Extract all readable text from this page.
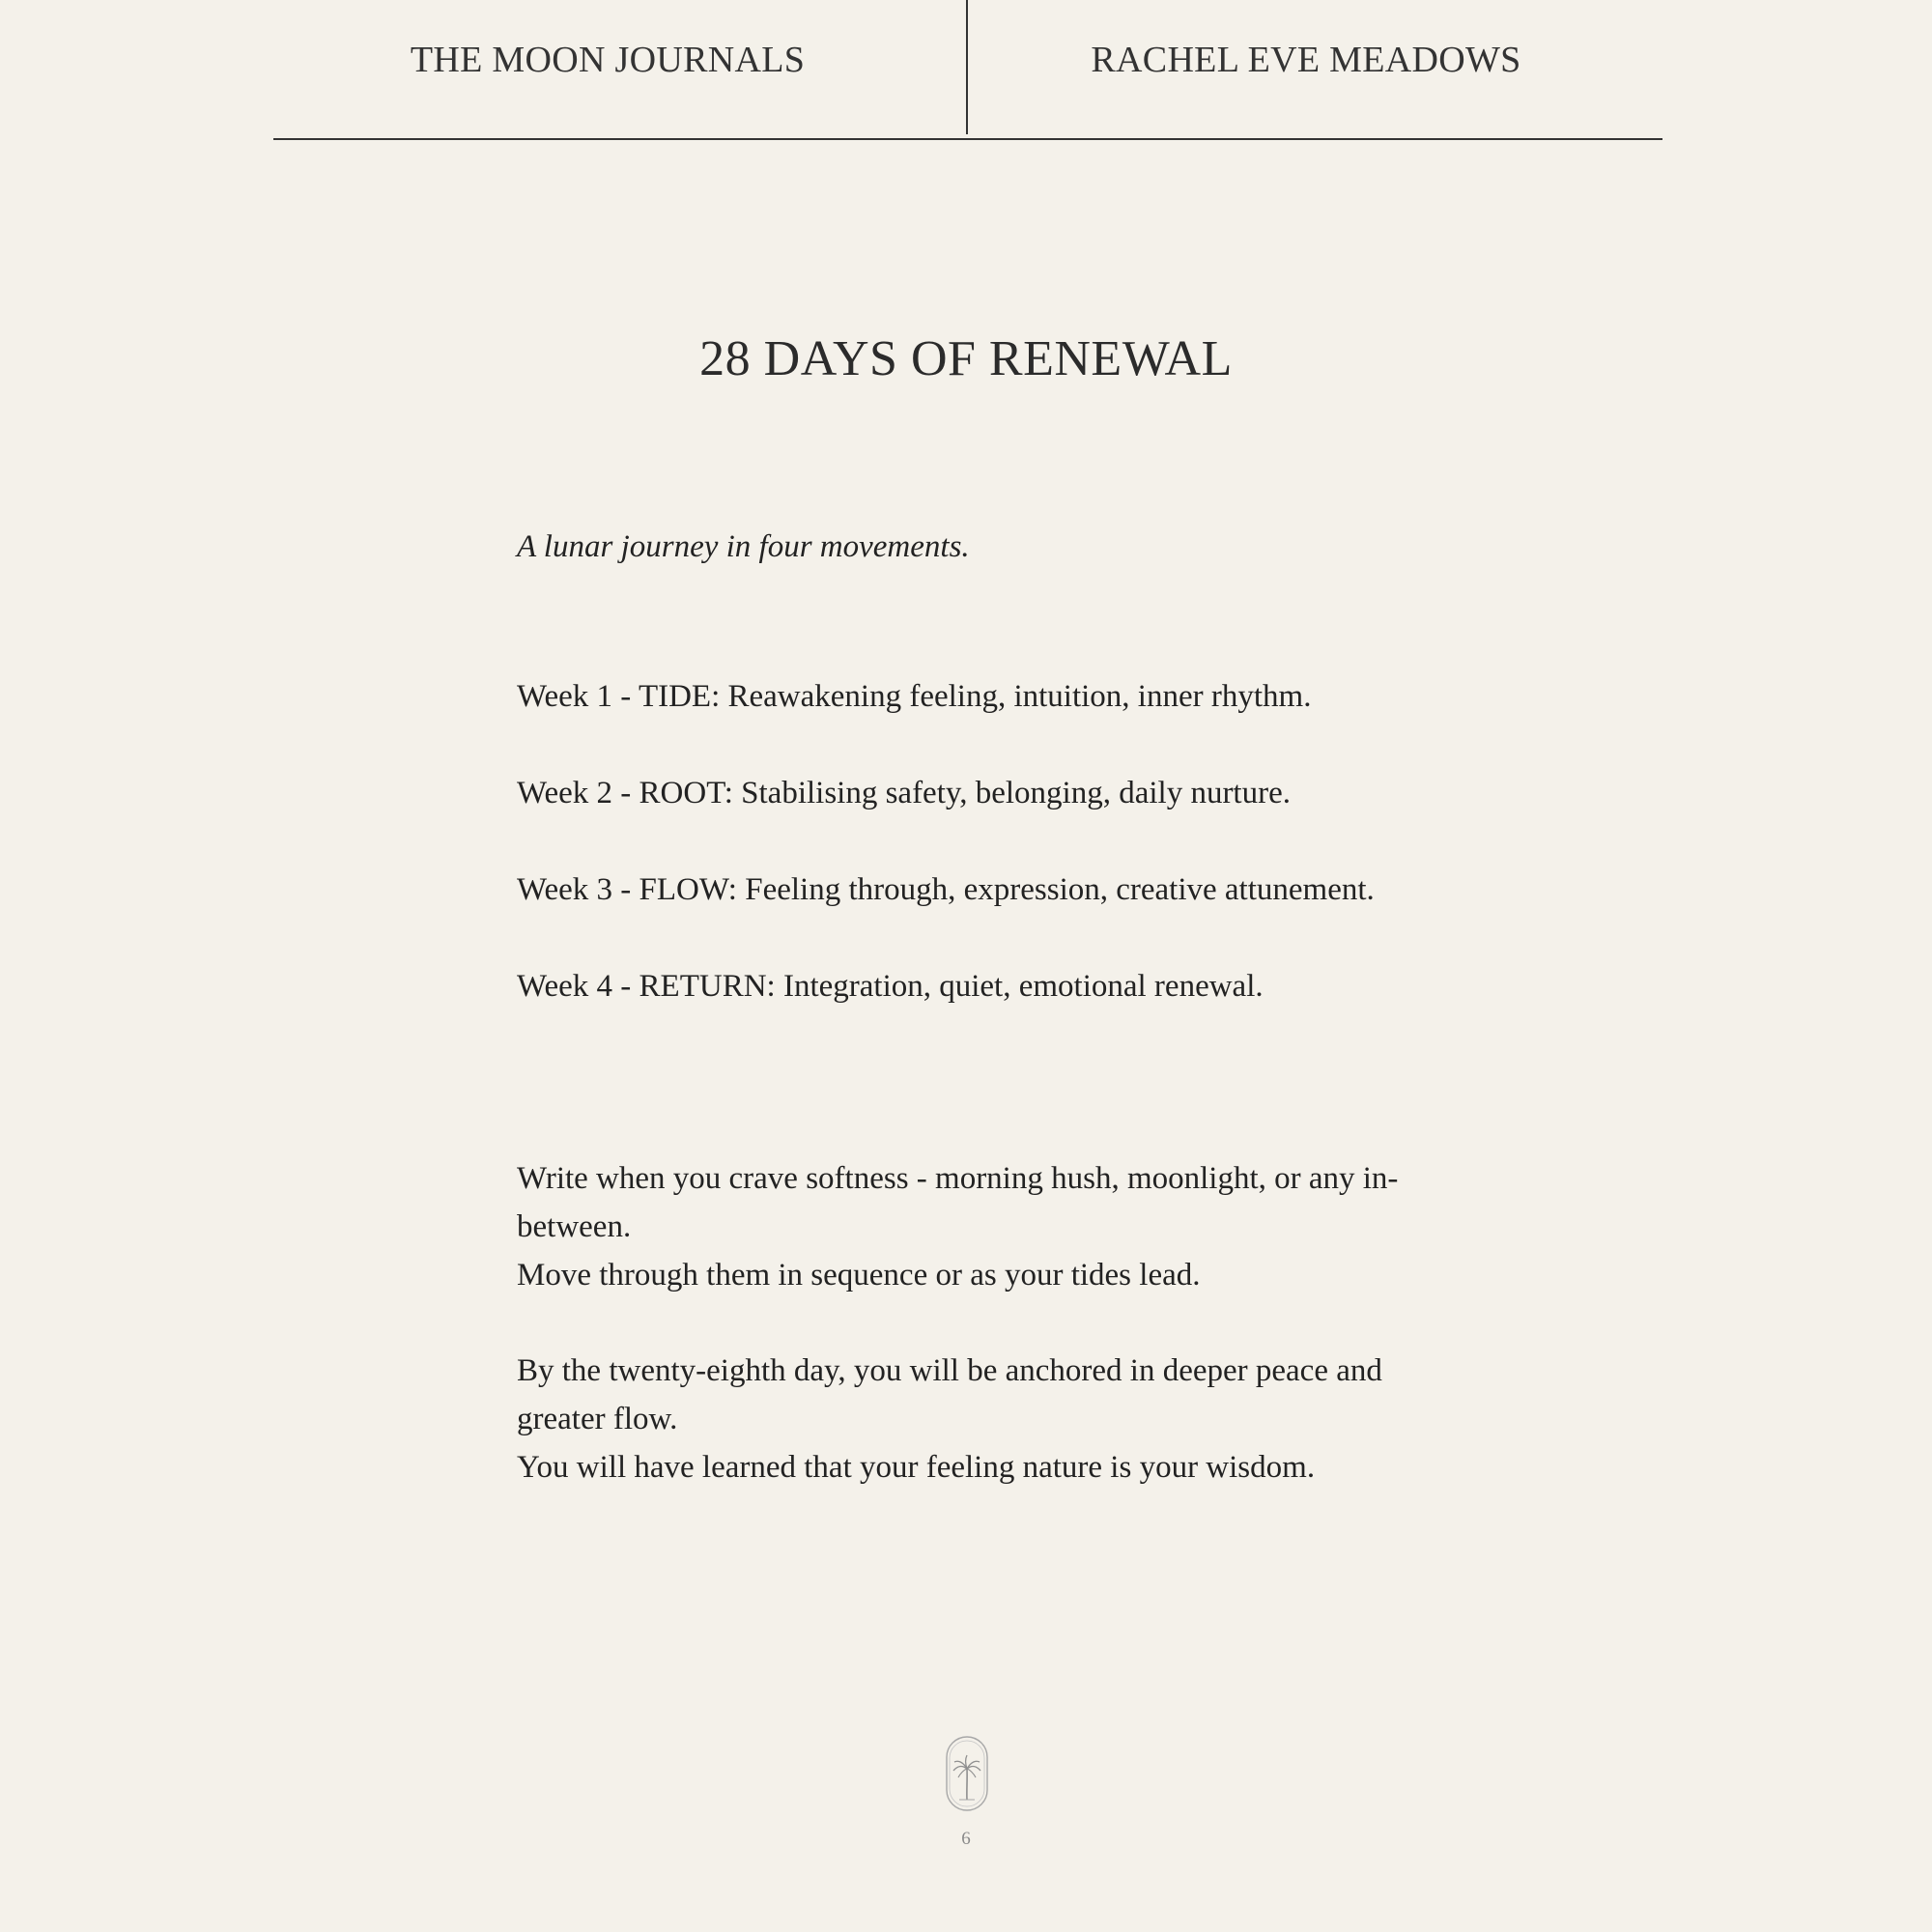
THE MOON JOURNALS	RACHEL EVE MEADOWS
28 DAYS OF RENEWAL
A lunar journey in four movements.
Week 1 - TIDE: Reawakening feeling, intuition, inner rhythm.
Week 2 - ROOT: Stabilising safety, belonging, daily nurture.
Week 3 - FLOW: Feeling through, expression, creative attunement.
Week 4 - RETURN: Integration, quiet, emotional renewal.

Write when you crave softness - morning hush, moonlight, or any in-between.

Move through them in sequence or as your tides lead.

By the twenty-eighth day, you will be anchored in deeper peace and greater flow.

You will have learned that your feeling nature is your wisdom.

6
